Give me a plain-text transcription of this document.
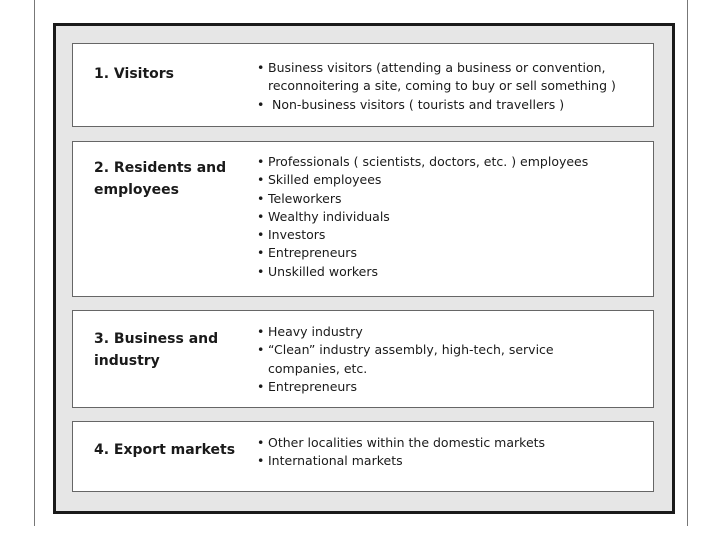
1. Visitors	• Business visitors (attending a business or convention,
reconnoitering a site, coming to buy or sell something )
• Non-business visitors ( tourists and travellers )
2. Residents and
employees
• Professionals ( scientists, doctors, etc. ) employees
• Skilled employees
• Teleworkers
• Wealthy individuals
• Investors
• Entrepreneurs
• Unskilled workers
3. Business and
industry
• Heavy industry
• “Clean” industry assembly, high-tech, service
companies, etc.
• Entrepreneurs
4. Export markets • Other localities within the domestic markets
• International markets
